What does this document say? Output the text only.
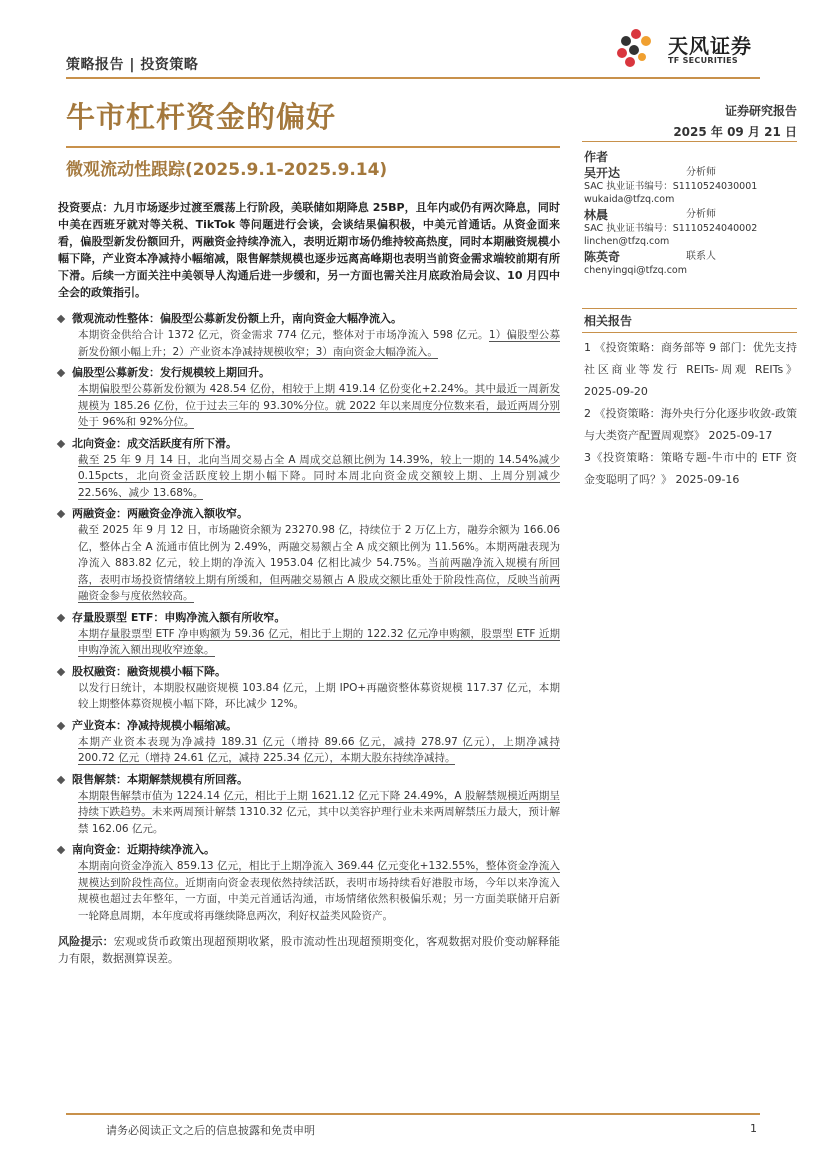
策略报告 | 投资策略
天风证券
TF SECURITIES
牛市杠杆资金的偏好	证券研究报告
2025 年 09 月 21 日
微观流动性跟踪(2025.9.1-2025.9.14)

投资要点：九月市场逐步过渡至震荡上行阶段，美联储如期降息 25BP，且年内或仍有两次降息，同时中美在西班牙就对等关税、TikTok 等问题进行会谈，会谈结果偏积极，中美元首通话。从资金面来看，偏股型新发份额回升，两融资金持续净流入，表明近期市场仍维持较高热度，同时本期融资规模小幅下降，产业资本净减持小幅缩减，限售解禁规模也逐步远离高峰期也表明当前资金需求端较前期有所下滑。后续一方面关注中美领导人沟通后进一步缓和，另一方面也需关注月底政治局会议、10 月四中全会的政策指引。

微观流动性整体：偏股型公募新发份额上升，南向资金大幅净流入。
本期资金供给合计 1372 亿元，资金需求 774 亿元，整体对于市场净流入 598 亿元。1）偏股型公募新发份额小幅上升；2）产业资本净减持规模收窄；3）南向资金大幅净流入。
偏股型公募新发：发行规模较上期回升。
本期偏股型公募新发份额为 428.54 亿份，相较于上期 419.14 亿份变化+2.24%。其中最近一周新发规模为 185.26 亿份，位于过去三年的 93.30%分位。就 2022 年以来周度分位数来看，最近两周分别处于 96%和 92%分位。
北向资金：成交活跃度有所下滑。
截至 25 年 9 月 14 日，北向当周交易占全 A 周成交总额比例为 14.39%，较上一期的 14.54%减少 0.15pcts，北向资金活跃度较上期小幅下降。同时本周北向资金成交额较上期、上周分别减少 22.56%、减少 13.68%。
两融资金：两融资金净流入额收窄。
截至 2025 年 9 月 12 日，市场融资余额为 23270.98 亿，持续位于 2 万亿上方，融券余额为 166.06 亿，整体占全 A 流通市值比例为 2.49%，两融交易额占全 A 成交额比例为 11.56%。本期两融表现为净流入 883.82 亿元，较上期的净流入 1953.04 亿相比减少 54.75%。当前两融净流入规模有所回落，表明市场投资情绪较上期有所缓和，但两融交易额占 A 股成交额比重处于阶段性高位，反映当前两融资金参与度依然较高。
存量股票型 ETF：申购净流入额有所收窄。
本期存量股票型 ETF 净申购额为 59.36 亿元，相比于上期的 122.32 亿元净申购额，股票型 ETF 近期申购净流入额出现收窄迹象。
股权融资：融资规模小幅下降。
以发行日统计，本期股权融资规模 103.84 亿元，上期 IPO+再融资整体募资规模 117.37 亿元，本期较上期整体募资规模小幅下降，环比减少 12%。
产业资本：净减持规模小幅缩减。
本期产业资本表现为净减持 189.31 亿元（增持 89.66 亿元，减持 278.97 亿元），上期净减持 200.72 亿元（增持 24.61 亿元，减持 225.34 亿元），本期大股东持续净减持。
限售解禁：本期解禁规模有所回落。
本期限售解禁市值为 1224.14 亿元，相比于上期 1621.12 亿元下降 24.49%，A 股解禁规模近两期呈持续下跌趋势。未来两周预计解禁 1310.32 亿元，其中以美容护理行业未来两周解禁压力最大，预计解禁 162.06 亿元。
南向资金：近期持续净流入。
本期南向资金净流入 859.13 亿元，相比于上期净流入 369.44 亿元变化+132.55%，整体资金净流入规模达到阶段性高位。近期南向资金表现依然持续活跃，表明市场持续看好港股市场，今年以来净流入规模也超过去年整年，一方面，中美元首通话沟通，市场情绪依然积极偏乐观；另一方面美联储开启新一轮降息周期，本年度或将再继续降息两次，利好权益类风险资产。

风险提示：宏观或货币政策出现超预期收紧，股市流动性出现超预期变化，客观数据对股价变动解释能力有限，数据测算误差。

作者
吴开达	分析师
SAC 执业证书编号：S1110524030001
wukaida@tfzq.com
林晨	分析师
SAC 执业证书编号：S1110524040002
linchen@tfzq.com
陈英奇	联系人
chenyingqi@tfzq.com
相关报告
1 《投资策略：商务部等 9 部门：优先支持社区商业等发行 REITs-周观 REITs》 2025-09-20
2 《投资策略：海外央行分化逐步收敛-政策与大类资产配置周观察》 2025-09-17
3《投资策略：策略专题-牛市中的 ETF 资金变聪明了吗？》 2025-09-16
请务必阅读正文之后的信息披露和免责申明	1
